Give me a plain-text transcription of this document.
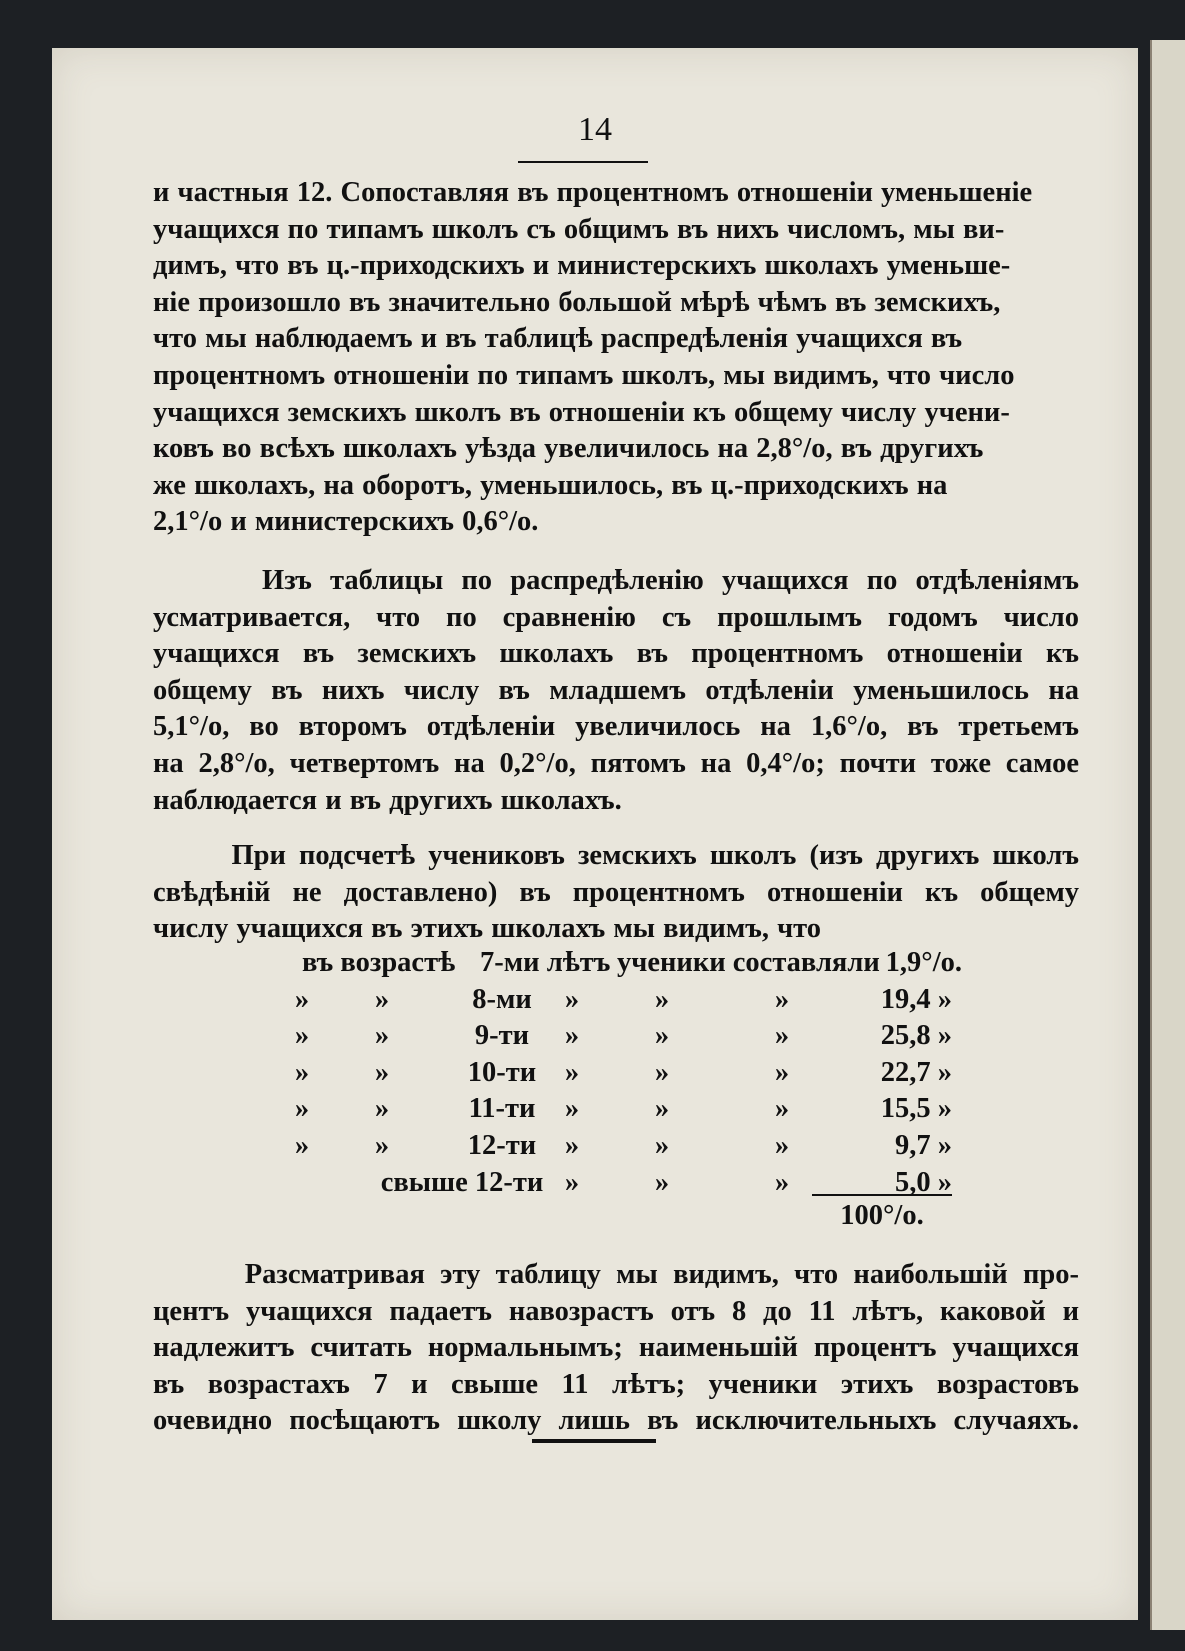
14
и частныя 12. Сопоставляя въ процентномъ отношеніи уменьшеніе
учащихся по типамъ школъ съ общимъ въ нихъ числомъ, мы ви-
димъ, что въ ц.-приходскихъ и министерскихъ школахъ уменьше-
ніе произошло въ значительно большой мѣрѣ чѣмъ въ земскихъ,
что мы наблюдаемъ и въ таблицѣ распредѣленія учащихся въ
процентномъ отношеніи по типамъ школъ, мы видимъ, что число
учащихся земскихъ школъ въ отношеніи къ общему числу учени-
ковъ во всѣхъ школахъ уѣзда увеличилось на 2,8°/о, въ другихъ
же школахъ, на оборотъ, уменьшилось, въ ц.-приходскихъ на
2,1°/о и министерскихъ 0,6°/о.
Изъ таблицы по распредѣленію учащихся по отдѣленіямъ
усматривается, что по сравненію съ прошлымъ годомъ число
учащихся въ земскихъ школахъ въ процентномъ отношеніи къ
общему въ нихъ числу въ младшемъ отдѣленіи уменьшилось на
5,1°/о, во второмъ отдѣленіи увеличилось на 1,6°/о, въ третьемъ
на 2,8°/о, четвертомъ на 0,2°/о, пятомъ на 0,4°/о; почти тоже самое
наблюдается и въ другихъ школахъ.
При подсчетѣ учениковъ земскихъ школъ (изъ другихъ школъ
свѣдѣній не доставлено) въ процентномъ отношеніи къ общему
числу учащихся въ этихъ школахъ мы видимъ, что
въ возрастѣ 7-ми лѣтъ ученики составляли 1,9°/о.
»	»	8-ми	»	»	»	19,4 »
»	»	9-ти	»	»	»	25,8 »
»	»	10-ти	»	»	»	22,7 »
»	»	11-ти	»	»	»	15,5 »
»	»	12-ти	»	»	»	9,7 »
свыше 12-ти »	»	»	5,0 »
100°/о.
Разсматривая эту таблицу мы видимъ, что наибольшій про-
центъ учащихся падаетъ навозрастъ отъ 8 до 11 лѣтъ, каковой и
надлежитъ считать нормальнымъ; наименьшій процентъ учащихся
въ возрастахъ 7 и свыше 11 лѣтъ; ученики этихъ возрастовъ
очевидно посѣщаютъ школу лишь въ исключительныхъ случаяхъ.
